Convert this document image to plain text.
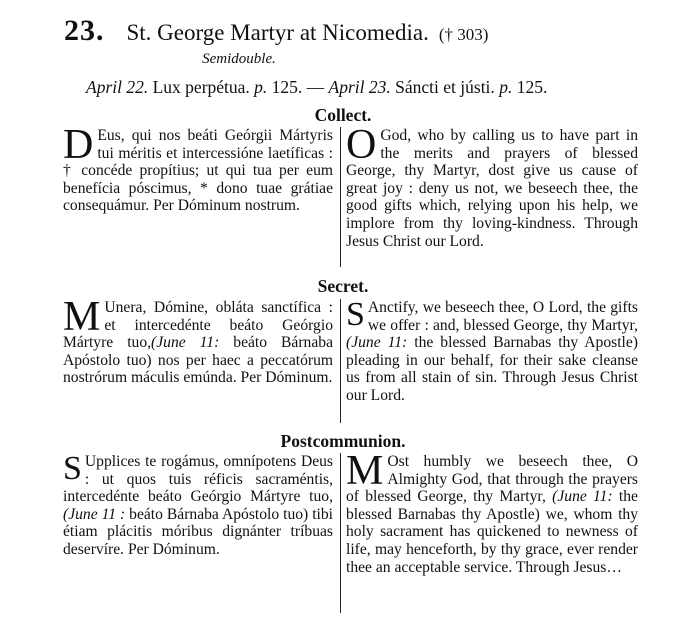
23. St. George Martyr at Nicomedia. († 303)
Semidouble.
April 22. Lux perpétua. p. 125. — April 23. Sáncti et jústi. p. 125.
Collect.

D Eus, qui nos beáti Geórgii Mártyris tui méritis et intercessióne laetíficas : † concéde propítius; ut qui tua per eum benefícia póscimus, * dono tuae grátiae consequámur. Per Dóminum nostrum.

O God, who by calling us to have part in the merits and prayers of blessed George, thy Martyr, dost give us cause of great joy : deny us not, we beseech thee, the good gifts which, relying upon his help, we implore from thy loving-kindness. Through Jesus Christ our Lord.

Secret.

M Unera, Dómine, obláta sanctífica : et intercedénte beáto Geórgio Mártyre tuo,(June 11: beáto Bárnaba Apóstolo tuo) nos per haec a peccatórum nostrórum máculis emúnda. Per Dóminum.

S Anctify, we beseech thee, O Lord, the gifts we offer : and, blessed George, thy Martyr, (June 11: the blessed Barnabas thy Apostle) pleading in our behalf, for their sake cleanse us from all stain of sin. Through Jesus Christ our Lord.

Postcommunion.

S Upplices te rogámus, omnípotens Deus : ut quos tuis réficis sacraméntis, intercedénte beáto Geórgio Mártyre tuo, (June 11 : beáto Bárnaba Apóstolo tuo) tibi étiam plácitis móribus dignánter tríbuas deservíre. Per Dóminum.

M Ost humbly we beseech thee, O Almighty God, that through the prayers of blessed George, thy Martyr, (June 11: the blessed Barnabas thy Apostle) we, whom thy holy sacrament has quickened to newness of life, may henceforth, by thy grace, ever render thee an acceptable service. Through Jesus…
